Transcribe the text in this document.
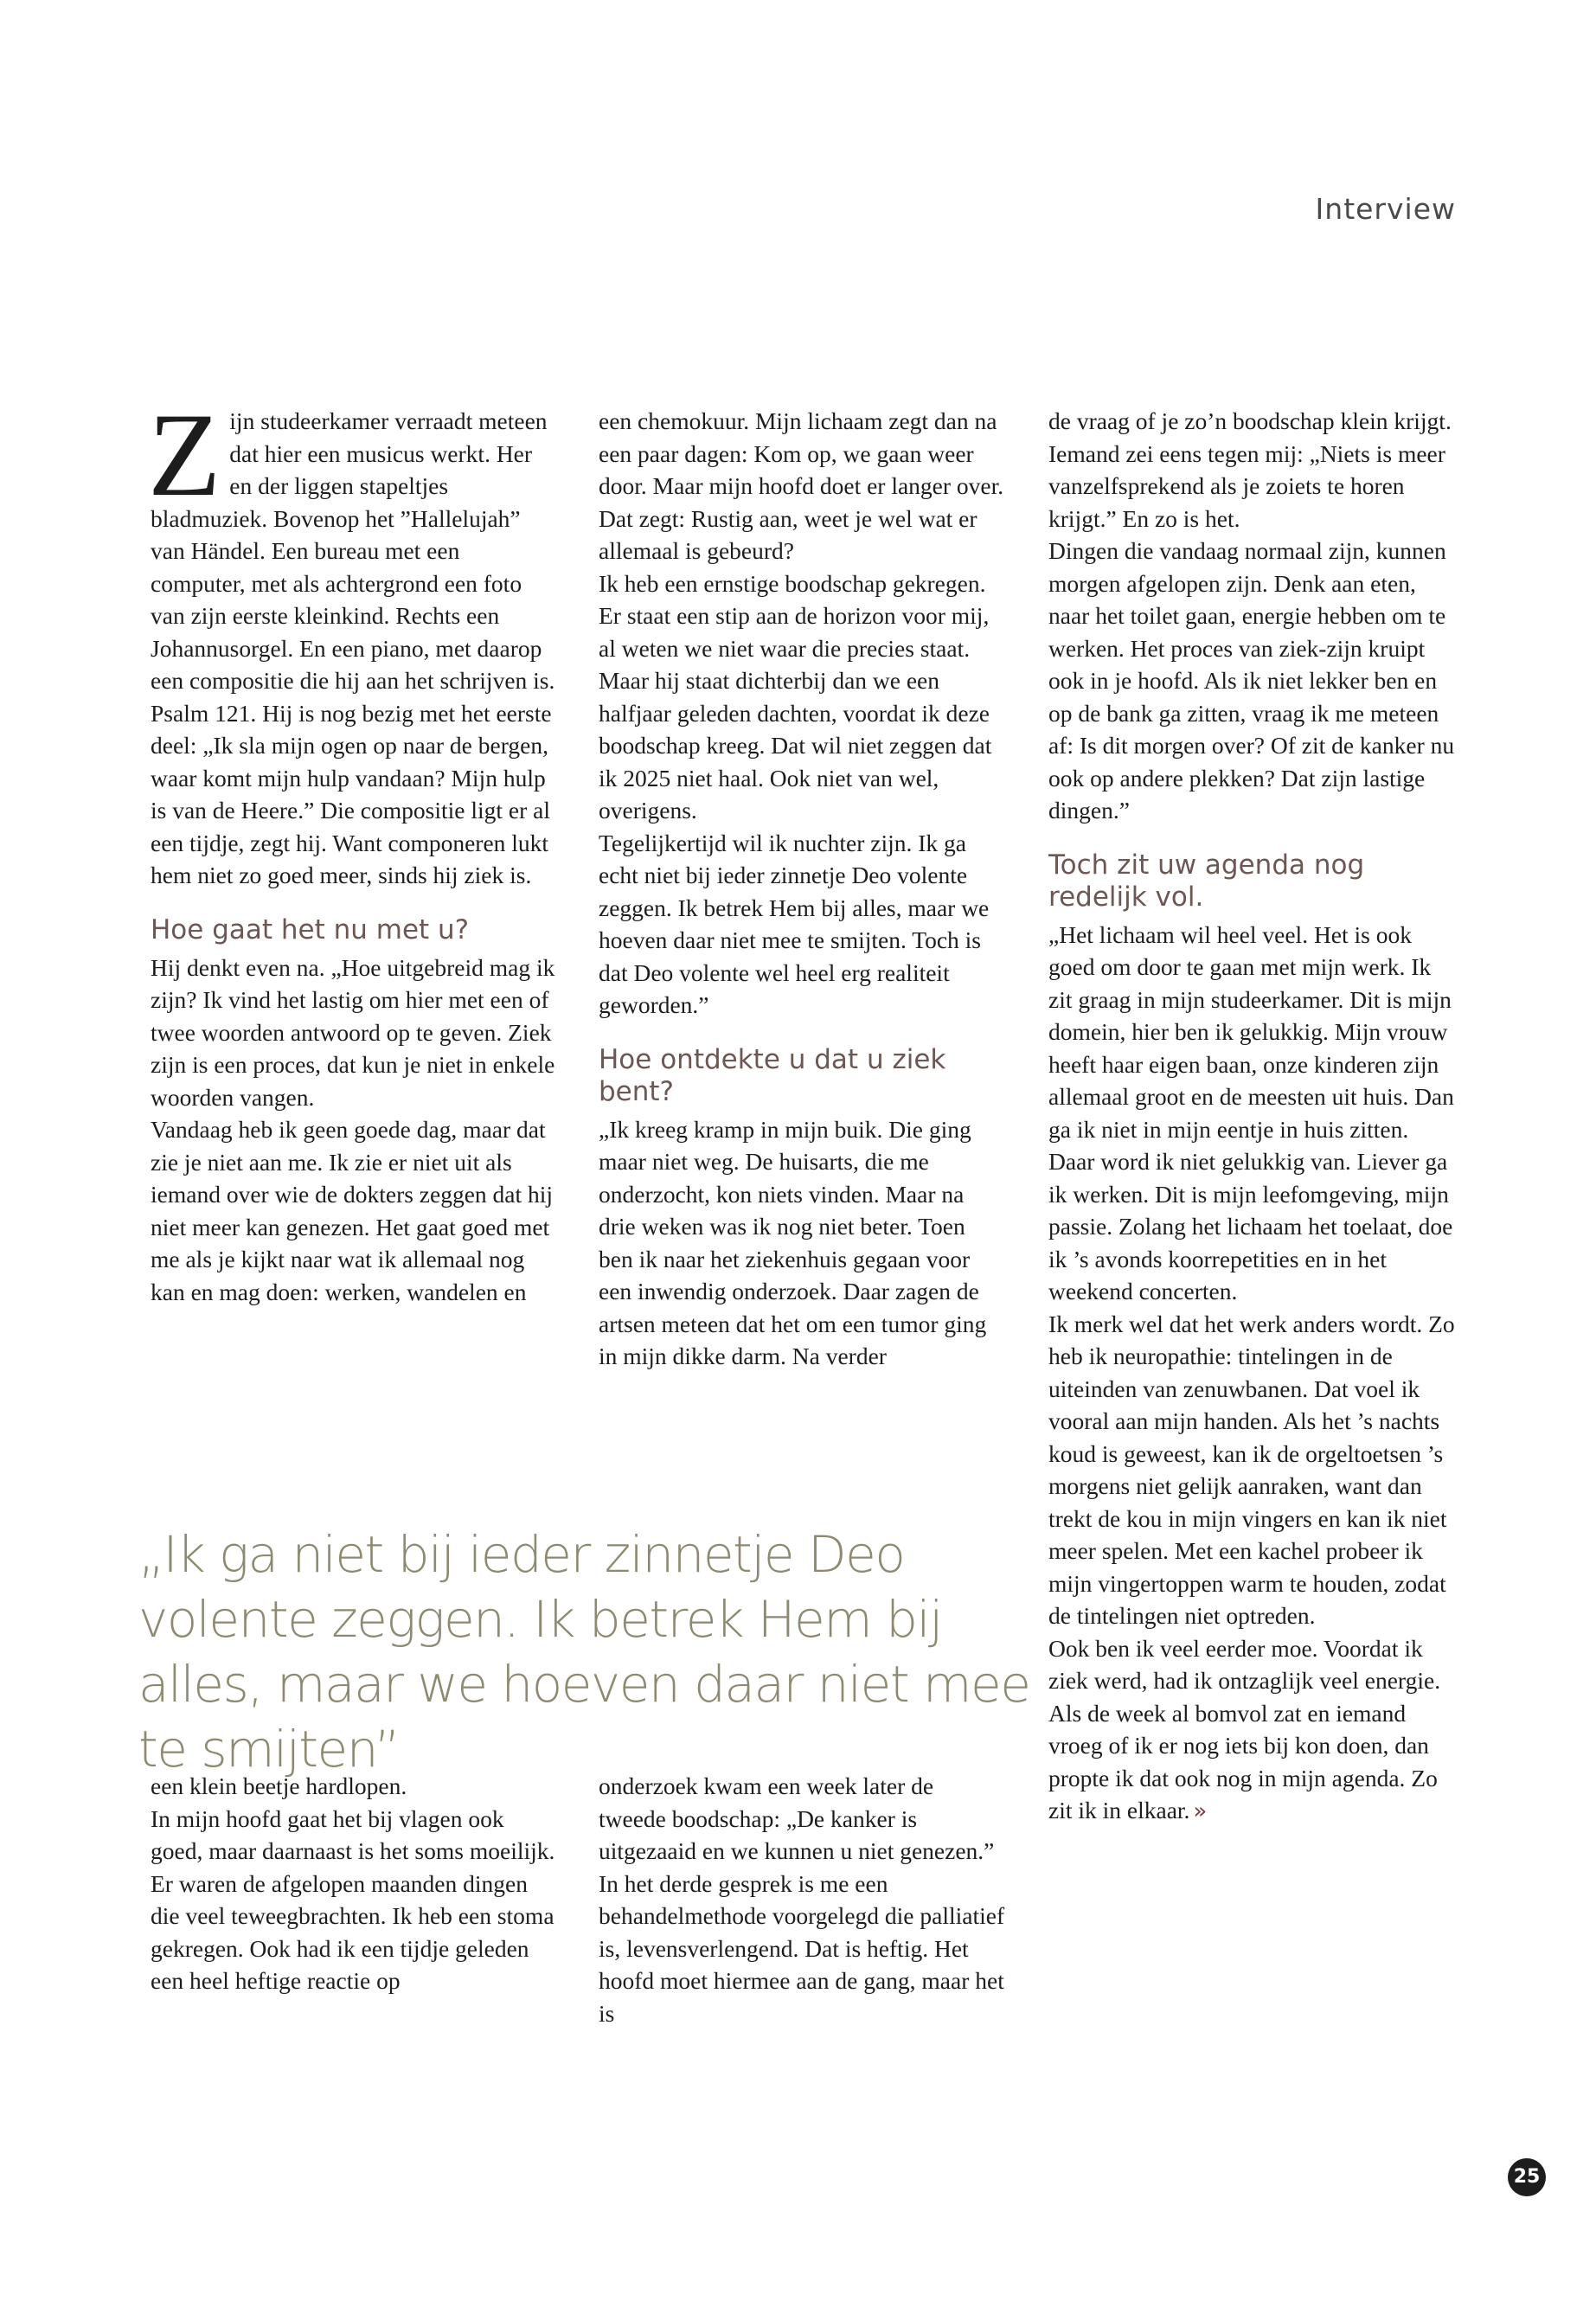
Interview

Zijn studeerkamer verraadt meteen dat hier een musicus werkt. Her en der liggen stapeltjes bladmuziek. Bovenop het ”Hallelujah” van Händel. Een bureau met een computer, met als achtergrond een foto van zijn eerste kleinkind. Rechts een Johannusorgel. En een piano, met daarop een compositie die hij aan het schrijven is. Psalm 121. Hij is nog bezig met het eerste deel: „Ik sla mijn ogen op naar de bergen, waar komt mijn hulp vandaan? Mijn hulp is van de Heere.” Die compositie ligt er al een tijdje, zegt hij. Want componeren lukt hem niet zo goed meer, sinds hij ziek is.

Hoe gaat het nu met u?

Hij denkt even na. „Hoe uitgebreid mag ik zijn? Ik vind het lastig om hier met een of twee woorden antwoord op te geven. Ziek zijn is een proces, dat kun je niet in enkele woorden vangen.

Vandaag heb ik geen goede dag, maar dat zie je niet aan me. Ik zie er niet uit als iemand over wie de dokters zeggen dat hij niet meer kan genezen. Het gaat goed met me als je kijkt naar wat ik allemaal nog kan en mag doen: werken, wandelen en

een chemokuur. Mijn lichaam zegt dan na een paar dagen: Kom op, we gaan weer door. Maar mijn hoofd doet er langer over. Dat zegt: Rustig aan, weet je wel wat er allemaal is gebeurd?

Ik heb een ernstige boodschap gekregen. Er staat een stip aan de horizon voor mij, al weten we niet waar die precies staat. Maar hij staat dichterbij dan we een halfjaar geleden dachten, voordat ik deze boodschap kreeg. Dat wil niet zeggen dat ik 2025 niet haal. Ook niet van wel, overigens.

Tegelijkertijd wil ik nuchter zijn. Ik ga echt niet bij ieder zinnetje Deo volente zeggen. Ik betrek Hem bij alles, maar we hoeven daar niet mee te smijten. Toch is dat Deo volente wel heel erg realiteit geworden.”

Hoe ontdekte u dat u ziek bent?

„Ik kreeg kramp in mijn buik. Die ging maar niet weg. De huisarts, die me onderzocht, kon niets vinden. Maar na drie weken was ik nog niet beter. Toen ben ik naar het ziekenhuis gegaan voor een inwendig onderzoek. Daar zagen de artsen meteen dat het om een tumor ging in mijn dikke darm. Na verder

de vraag of je zo’n boodschap klein krijgt. Iemand zei eens tegen mij: „Niets is meer vanzelfsprekend als je zoiets te horen krijgt.” En zo is het.

Dingen die vandaag normaal zijn, kunnen morgen afgelopen zijn. Denk aan eten, naar het toilet gaan, energie hebben om te werken. Het proces van ziek-zijn kruipt ook in je hoofd. Als ik niet lekker ben en op de bank ga zitten, vraag ik me meteen af: Is dit morgen over? Of zit de kanker nu ook op andere plekken? Dat zijn lastige dingen.”

Toch zit uw agenda nog redelijk vol.

„Het lichaam wil heel veel. Het is ook goed om door te gaan met mijn werk. Ik zit graag in mijn studeerkamer. Dit is mijn domein, hier ben ik gelukkig. Mijn vrouw heeft haar eigen baan, onze kinderen zijn allemaal groot en de meesten uit huis. Dan ga ik niet in mijn eentje in huis zitten. Daar word ik niet gelukkig van. Liever ga ik werken. Dit is mijn leefomgeving, mijn passie. Zolang het lichaam het toelaat, doe ik ’s avonds koorrepetities en in het weekend concerten.

Ik merk wel dat het werk anders wordt. Zo heb ik neuropathie: tintelingen in de uiteinden van zenuwbanen. Dat voel ik vooral aan mijn handen. Als het ’s nachts koud is geweest, kan ik de orgeltoetsen ’s morgens niet gelijk aanraken, want dan trekt de kou in mijn vingers en kan ik niet meer spelen. Met een kachel probeer ik mijn vingertoppen warm te houden, zodat de tintelingen niet optreden.

Ook ben ik veel eerder moe. Voordat ik ziek werd, had ik ontzaglijk veel energie. Als de week al bomvol zat en iemand vroeg of ik er nog iets bij kon doen, dan propte ik dat ook nog in mijn agenda. Zo zit ik in elkaar. »

„Ik ga niet bij ieder zinnetje Deo volente zeggen. Ik betrek Hem bij alles, maar we hoeven daar niet mee te smijten”

een klein beetje hardlopen.

In mijn hoofd gaat het bij vlagen ook goed, maar daarnaast is het soms moeilijk. Er waren de afgelopen maanden dingen die veel teweegbrachten. Ik heb een stoma gekregen. Ook had ik een tijdje geleden een heel heftige reactie op

onderzoek kwam een week later de tweede boodschap: „De kanker is uitgezaaid en we kunnen u niet genezen.” In het derde gesprek is me een behandelmethode voorgelegd die palliatief is, levensverlengend. Dat is heftig. Het hoofd moet hiermee aan de gang, maar het is

25
